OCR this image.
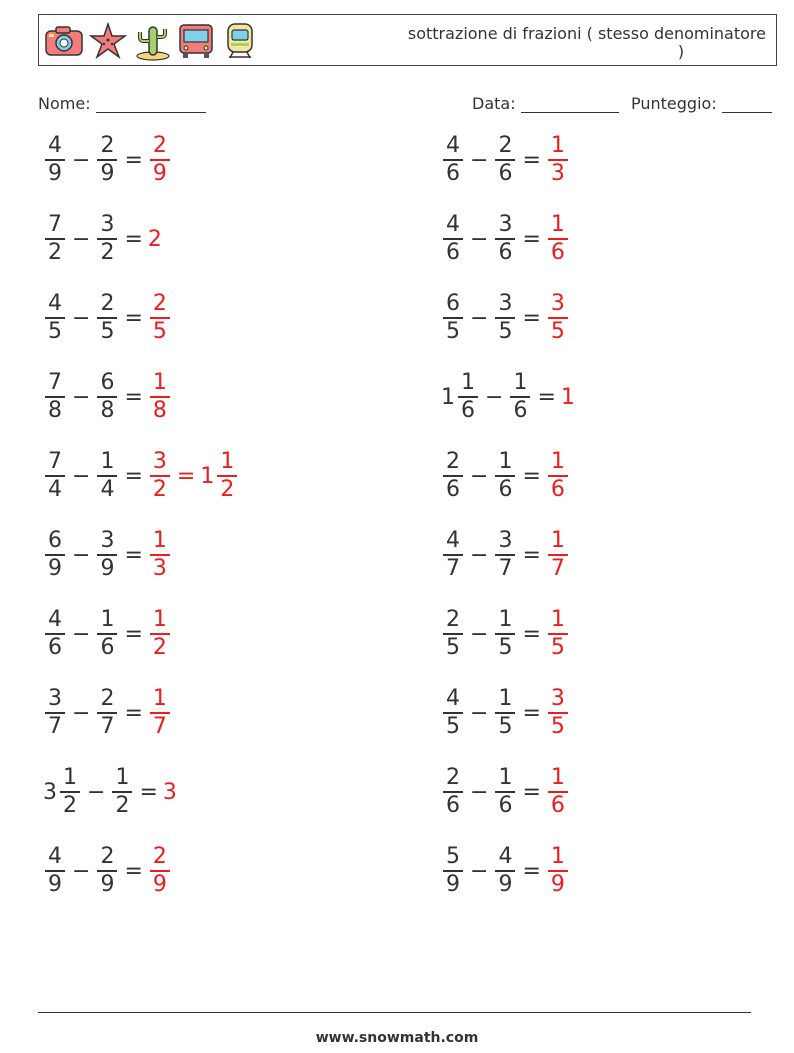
sottrazione di frazioni ( stesso denominatore
)
Nome:	Data:	Punteggio:
$\frac{4}{9} - \frac{2}{9} = \frac{2}{9}$
$\frac{7}{2} - \frac{3}{2} = 2$
$\frac{4}{5} - \frac{2}{5} = \frac{2}{5}$
$\frac{7}{8} - \frac{6}{8} = \frac{1}{8}$
$\frac{7}{4} - \frac{1}{4} = \frac{3}{2} = 1 \frac{1}{2}$
$\frac{6}{9} - \frac{3}{9} = \frac{1}{3}$
$\frac{4}{6} - \frac{1}{6} = \frac{1}{2}$
$\frac{3}{7} - \frac{2}{7} = \frac{1}{7}$
$3 \frac{1}{2} - \frac{1}{2} = 3$
$\frac{4}{9} - \frac{2}{9} = \frac{2}{9}$
$\frac{4}{6} - \frac{2}{6} = \frac{1}{3}$
$\frac{4}{6} - \frac{3}{6} = \frac{1}{6}$
$\frac{6}{5} - \frac{3}{5} = \frac{3}{5}$
$1 \frac{1}{6} - \frac{1}{6} = 1$
$\frac{2}{6} - \frac{1}{6} = \frac{1}{6}$
$\frac{4}{7} - \frac{3}{7} = \frac{1}{7}$
$\frac{2}{5} - \frac{1}{5} = \frac{1}{5}$
$\frac{4}{5} - \frac{1}{5} = \frac{3}{5}$
$\frac{2}{6} - \frac{1}{6} = \frac{1}{6}$
$\frac{5}{9} - \frac{4}{9} = \frac{1}{9}$
www.snowmath.com
